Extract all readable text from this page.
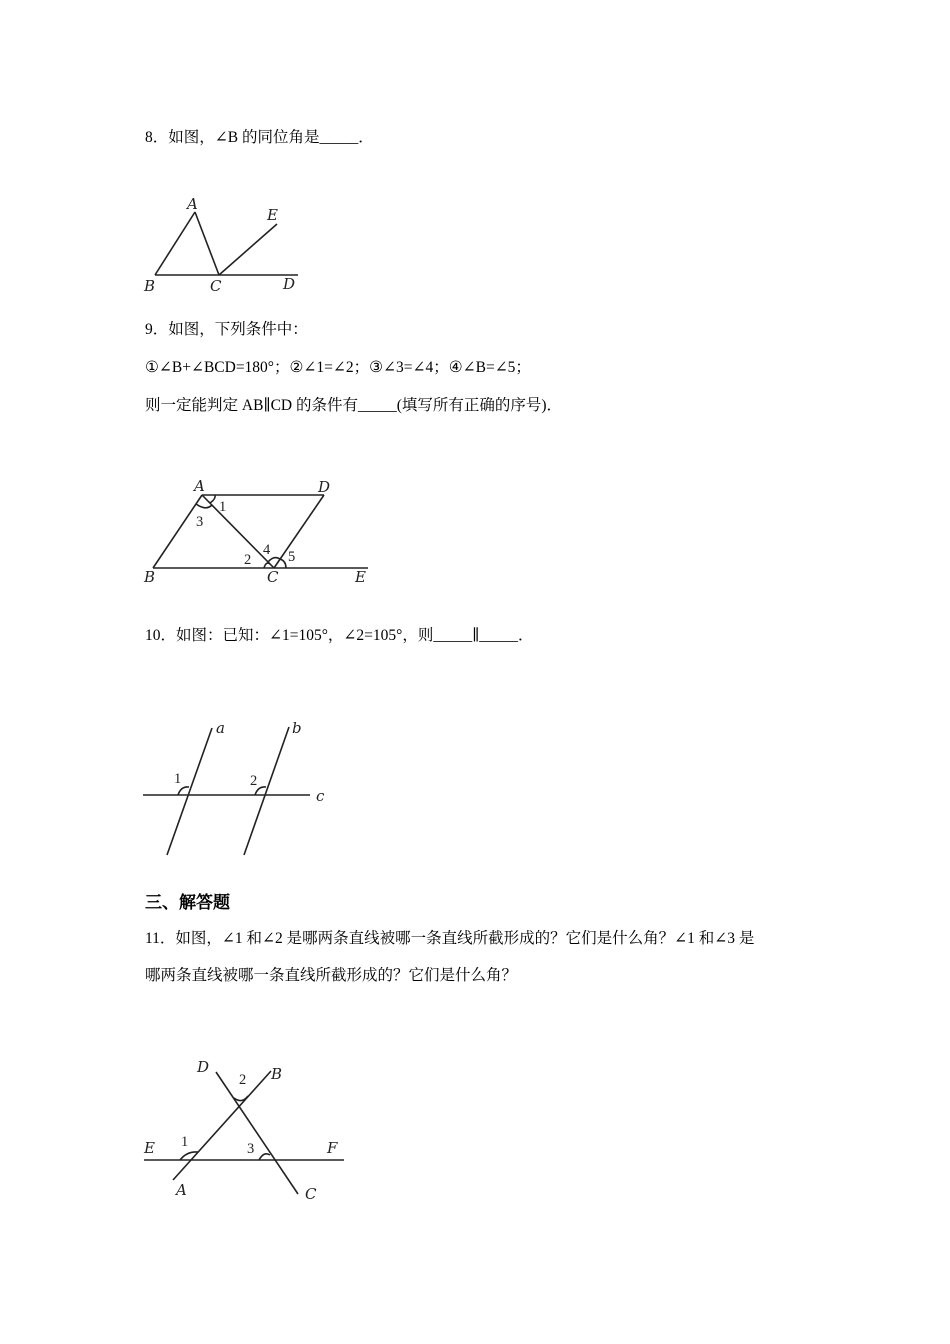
8．如图，∠B 的同位角是_____．
A
B	C	D
E
9．如图，下列条件中：
①∠B+∠BCD=180°；②∠1=∠2；③∠3=∠4；④∠B=∠5；
则一定能判定 AB∥CD 的条件有_____(填写所有正确的序号)．
A	D
B	C	E
1
3
2
4 5
10．如图：已知：∠1=105°，∠2=105°，则_____∥_____．
a	b
c
1	2
三、解答题
11．如图，∠1 和∠2 是哪两条直线被哪一条直线所截形成的？它们是什么角？∠1 和∠3 是
哪两条直线被哪一条直线所截形成的？它们是什么角？
D	B
E	F
A	C
1
2
3
